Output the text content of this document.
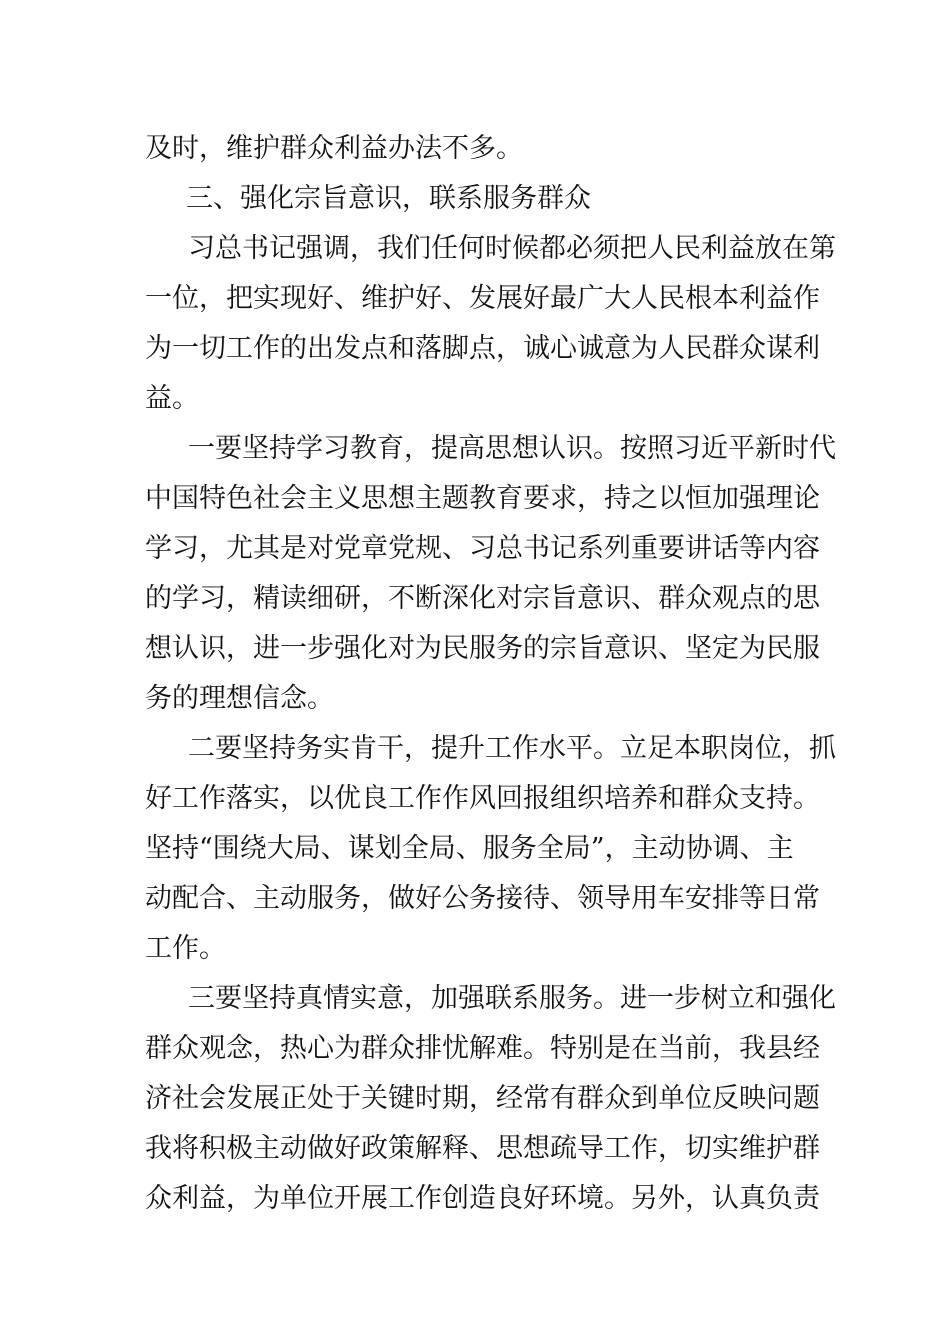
及时，维护群众利益办法不多。
三、强化宗旨意识，联系服务群众
习总书记强调，我们任何时候都必须把人民利益放在第
一位，把实现好、维护好、发展好最广大人民根本利益作
为一切工作的出发点和落脚点，诚心诚意为人民群众谋利
益。
一要坚持学习教育，提高思想认识。按照习近平新时代
中国特色社会主义思想主题教育要求，持之以恒加强理论
学习，尤其是对党章党规、习总书记系列重要讲话等内容
的学习，精读细研，不断深化对宗旨意识、群众观点的思
想认识，进一步强化对为民服务的宗旨意识、坚定为民服
务的理想信念。
二要坚持务实肯干，提升工作水平。立足本职岗位，抓
好工作落实，以优良工作作风回报组织培养和群众支持。
坚持“围绕大局、谋划全局、服务全局”，主动协调、主
动配合、主动服务，做好公务接待、领导用车安排等日常
工作。
三要坚持真情实意，加强联系服务。进一步树立和强化
群众观念，热心为群众排忧解难。特别是在当前，我县经
济社会发展正处于关键时期，经常有群众到单位反映问题
我将积极主动做好政策解释、思想疏导工作，切实维护群
众利益，为单位开展工作创造良好环境。另外，认真负责
